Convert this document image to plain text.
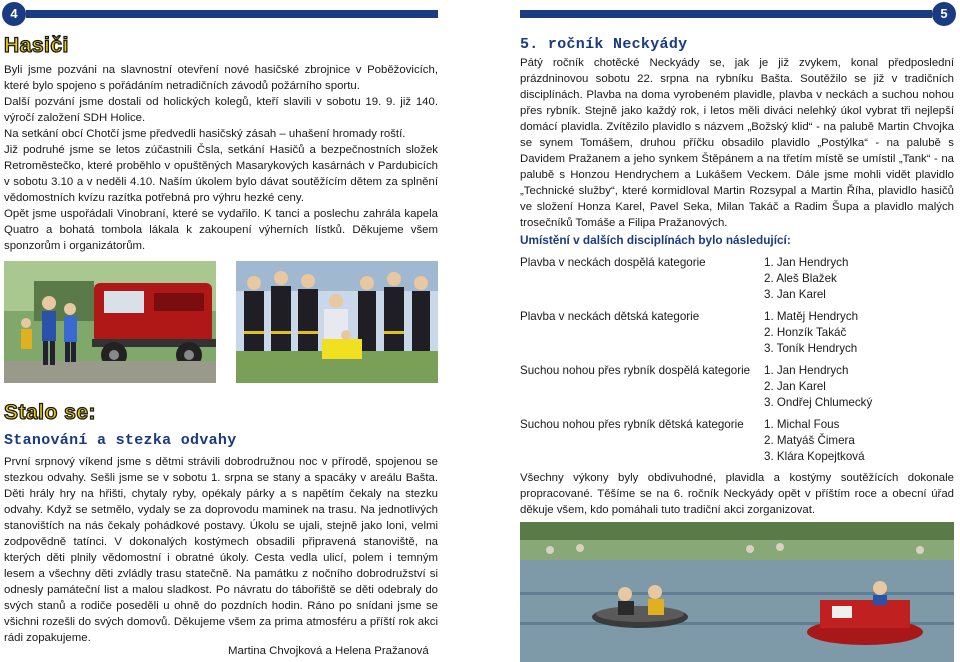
4
Hasiči

Byli jsme pozváni na slavnostní otevření nové hasičské zbrojnice v Poběžovicích, které bylo spojeno s pořádáním netradičních závodů požárního sportu.

Další pozvání jsme dostali od holických kolegů, kteří slavili v sobotu 19. 9. již 140. výročí založení SDH Holice.

Na setkání obcí Chotčí jsme předvedli hasičský zásah – uhašení hromady roští.

Již podruhé jsme se letos zúčastnili Čsla, setkání Hasičů a bezpečnostních složek Retroměstečko, které proběhlo v opuštěných Masarykových kasárnách v Pardubicích v sobotu 3.10 a v neděli 4.10. Naším úkolem bylo dávat soutěžícím dětem za splnění vědomostních kvízu razítka potřebná pro výhru hezké ceny.

Opět jsme uspořádali Vinobraní, které se vydařilo. K tanci a poslechu zahrála kapela Quatro a bohatá tombola lákala k zakoupení výherních lístků. Děkujeme všem sponzorům i organizátorům.

Stalo se:
Stanování a stezka odvahy
První srpnový víkend jsme s dětmi strávili dobrodružnou noc v přírodě, spojenou se stezkou odvahy. Sešli jsme se v sobotu 1. srpna se stany a spacáky v areálu Bašta. Děti hrály hry na hřišti, chytaly ryby, opékaly párky a s napětím čekaly na stezku odvahy. Když se setmělo, vydaly se za doprovodu maminek na trasu. Na jednotlivých stanovištích na nás čekaly pohádkové postavy. Úkolu se ujali, stejně jako loni, velmi zodpovědně tatínci. V dokonalých kostýmech obsadili připravená stanoviště, na kterých děti plnily vědomostní i obratné úkoly. Cesta vedla ulicí, polem i temným lesem a všechny děti zvládly trasu statečně. Na památku z nočního dobrodružství si odnesly památeční list a malou sladkost. Po návratu do tábořiště se děti odebraly do svých stanů a rodiče poseděli u ohně do pozdních hodin. Ráno po snídani jsme se všichni rozešli do svých domovů. Děkujeme všem za prima atmosféru a příští rok akci rádi zopakujeme.
Martina Chvojková a Helena Pražanová
5
5. ročník Neckyády
Pátý ročník chotěcké Neckyády se, jak je již zvykem, konal předposlední prázdninovou sobotu 22. srpna na rybníku Bašta. Soutěžilo se již v tradičních disciplínách. Plavba na doma vyrobeném plavidle, plavba v neckách a suchou nohou přes rybník. Stejně jako každý rok, i letos měli diváci nelehký úkol vybrat tři nejlepší domácí plavidla. Zvítězilo plavidlo s názvem „Božský klid“ - na palubě Martin Chvojka se synem Tomášem, druhou příčku obsadilo plavidlo „Postýlka“ - na palubě s Davidem Pražanem a jeho synkem Štěpánem a na třetím místě se umístil „Tank“ - na palubě s Honzou Hendrychem a Lukášem Veckem. Dále jsme mohli vidět plavidlo „Technické služby“, které kormidloval Martin Rozsypal a Martin Říha, plavidlo hasičů ve složení Honza Karel, Pavel Seka, Milan Takáč a Radim Šupa a plavidlo malých trosečníků Tomáše a Filipa Pražanových.
Umístění v dalších disciplínách bylo následující:
Plavba v neckách dospělá kategorie	1. Jan Hendrych
2. Aleš Blažek
3. Jan Karel
Plavba v neckách dětská kategorie	1. Matěj Hendrych
2. Honzík Takáč
3. Toník Hendrych
Suchou nohou přes rybník dospělá kategorie	1. Jan Hendrych
2. Jan Karel
3. Ondřej Chlumecký
Suchou nohou přes rybník dětská kategorie	1. Michal Fous
2. Matyáš Čimera
3. Klára Kopejtková
Všechny výkony byly obdivuhodné, plavidla a kostýmy soutěžících dokonale propracované. Těšíme se na 6. ročník Neckyády opět v příštím roce a obecní úřad děkuje všem, kdo pomáhali tuto tradiční akci zorganizovat.
